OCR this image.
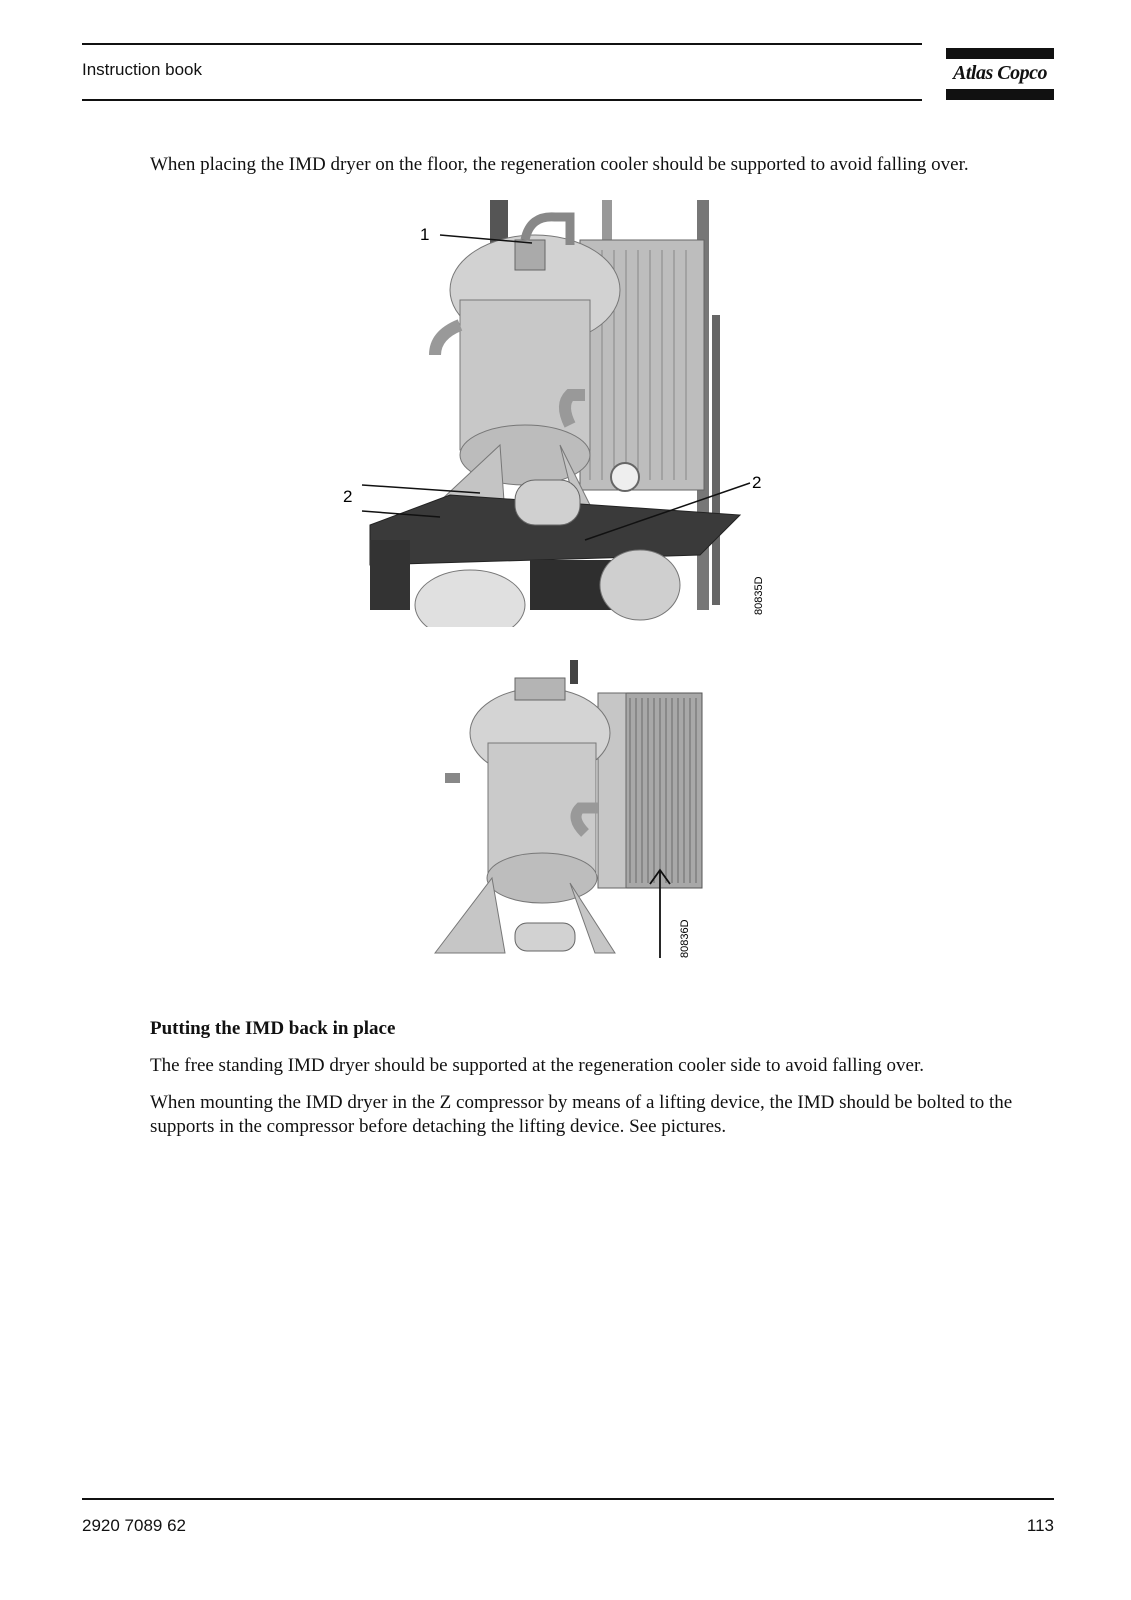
Instruction book	Atlas Copco
When placing the IMD dryer on the floor, the regeneration cooler should be supported to avoid falling over.
1
2
2
80835D
80836D
Putting the IMD back in place
The free standing IMD dryer should be supported at the regeneration cooler side to avoid falling over.
When mounting the IMD dryer in the Z compressor by means of a lifting device, the IMD should be bolted to the supports in the compressor before detaching the lifting device. See pictures.
2920 7089 62	113
